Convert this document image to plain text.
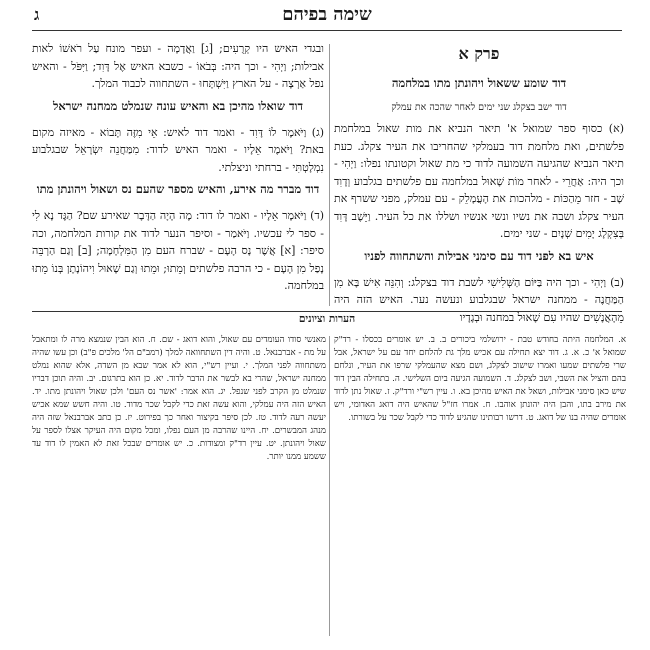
ג	שימה בפיהם
פרק א
דוד שומע ששאול ויהונתן מתו במלחמה
דוד ישב בצקלג שני ימים לאחר שהכה את עמלק

(א) כסוף ספר שמואל א' תיאר הנביא את מות שאול במלחמת פלשתים, ואת מלחמת דוד בעמלקי שהחריבו את העיר צקלג. כעת תיאר הנביא שהגיעה השמועה לדוד כי מת שאול וקטונתו נפלו: וַיְהִי - וכך היה: אַחֲרֵי - לאחר מוֹת שָׁאוּל במלחמה עם פלשתים בגלבוע וְדָוִד שָׁב - חזר מֵהַכּוֹת - מלהכות את הָעֲמָלֵק - עם עמלק, מפני ששרף את העיר צקלג ושבה את נשיו ונשי אנשיו ושללו את כל העיר. וַיֵּשֶׁב דָּוִד בְּצִקְלָג יָמִים שְׁנָיִם - שני ימים.

איש בא לפני דוד עם סימני אבילות והשתחווה לפניו

(ב) וַיְהִי - וכך היה בַּיּוֹם הַשְּׁלִישִׁי לשבת דוד בצקלג: וְהִנֵּה אִישׁ בָּא מִן הַמַּחֲנֶה - ממחנה ישראל שבגלבוע ונעשה נער. האיש הזה היה מֵהָאֲנָשִׁים שהיו עִם שָׁאוּל במחנה וּבְגָדָיו

ובגדי האיש היו קְרֻעִים; [ג] וַאֲדָמָה - ועפר מונח עַל רֹאשׁוֹ לאות אבילות; וַיְהִי - וכך היה: בְּבֹאוֹ - כשבא האיש אֶל דָּוִד; וַיִּפֹּל - והאיש נפל אַרְצָה - על הארץ וַיִּשְׁתָּחוּ - השתחווה לכבוד המלך.

דוד שואלו מהיכן בא והאיש עונה שנמלט ממחנה ישראל

(ג) וַיֹּאמֶר לוֹ דָּוִד - ואמר דוד לאיש: אֵי מִזֶּה תָּבוֹא - מאיזה מקום באת? וַיֹּאמֶר אֵלָיו - ואמר האיש לדוד: מִמַּחֲנֵה יִשְׂרָאֵל שבגלבוע נִמְלָטְתִּי - ברחתי וניצלתי.

דוד מברר מה אירע, והאיש מספר שהעם נס ושאול ויהונתן מתו

(ד) וַיֹּאמֶר אֵלָיו - ואמר לו דוד: מֶה הָיָה הַדָּבָר שאירע שם? הַגֶּד נָא לִי - ספר לי עכשיו. וַיֹּאמַר - וסיפר הנער לדוד את קורות המלחמה, וכה סיפר: [א] אֲשֶׁר נָס הָעָם - שברח העם מִן הַמִּלְחָמָה; [ב] וְגַם הַרְבֵּה נָפַל מִן הָעָם - כי הרבה פלשתים וְמֵתוּ; וּמֵתוּ וְגַם שָׁאוּל וִיהוֹנָתָן בְּנוֹ מֵתוּ במלחמה.

הערות וציונים
א. המלחמה היתה בחודש טבת - ירושלמי ביכורים ב. ב. יש אומרים בכסלו - רד"ק שמואל א' כ. א. ג. דוד יצא תחילה עם אכיש מלך גת להלחם יחד עם על ישראל, אבל שרי פלשתים שמעו ואמרו שישוב לצקלג, ושם מצא שהעמלקי שרפו את העיר, ונלחם בהם והציל את השבי, ושב לצקלג. ד. השמועה הגיעה ביום השלישי. ה. בתחילה הבין דוד שיש כאן סימני אבילות, ושאל את האיש מהיכן בא. ו. עיין רש"י ורד"ק. ז. שאול נתן לדוד את מירב בתו, והבן היה יהונתן אוהבו. ח. אמרו חז"ל שהאיש היה דואג האדומי, ויש אומרים שהיה בנו של דואג. ט. דרשו רבותינו שהגיע לדוד כדי לקבל שכר על בשורתו.
מאנשי סודו העומדים עם שאול, והוא דואג - שם. ח. הוא הבין שנמצא מרה לו ומתאבל על מת - אברבנאל. ט. והיה דין השתחוואה למלך (רמב"ם הל' מלכים פ"ב) וכן עשו שהיה משתחווה לפני המלך. י. ועיין רש"י, הוא לא אמר שבא מן השדה, אלא שהוא נמלט ממחנה ישראל, שהרי בא לבשר את הדבר לדוד. יא. כן הוא בתרגום. יב. והיה תוכן דבריו שנמלט מן הקרב לפני שנפל. יג. הוא אמר: 'אשר נס העם' ולכן שאול ויהונתן מתו. יד. האיש הזה היה עמלקי, והוא עשה זאת כדי לקבל שכר מדוד. טו. והיה חשש שמא אכיש יעשה רעה לדוד. טז. לכן סיפר בקיצור ואחר כך בפירוט. יז. כן כתב אברבנאל שזה היה מנהג המבשרים. יח. היינו שהרבה מן העם נפלו, ומכל מקום היה העיקר אצלו לספר על שאול ויהונתן. יט. עיין רד"ק ומצודות. כ. יש אומרים שבכל זאת לא האמין לו דוד עד ששמע ממנו יותר.
